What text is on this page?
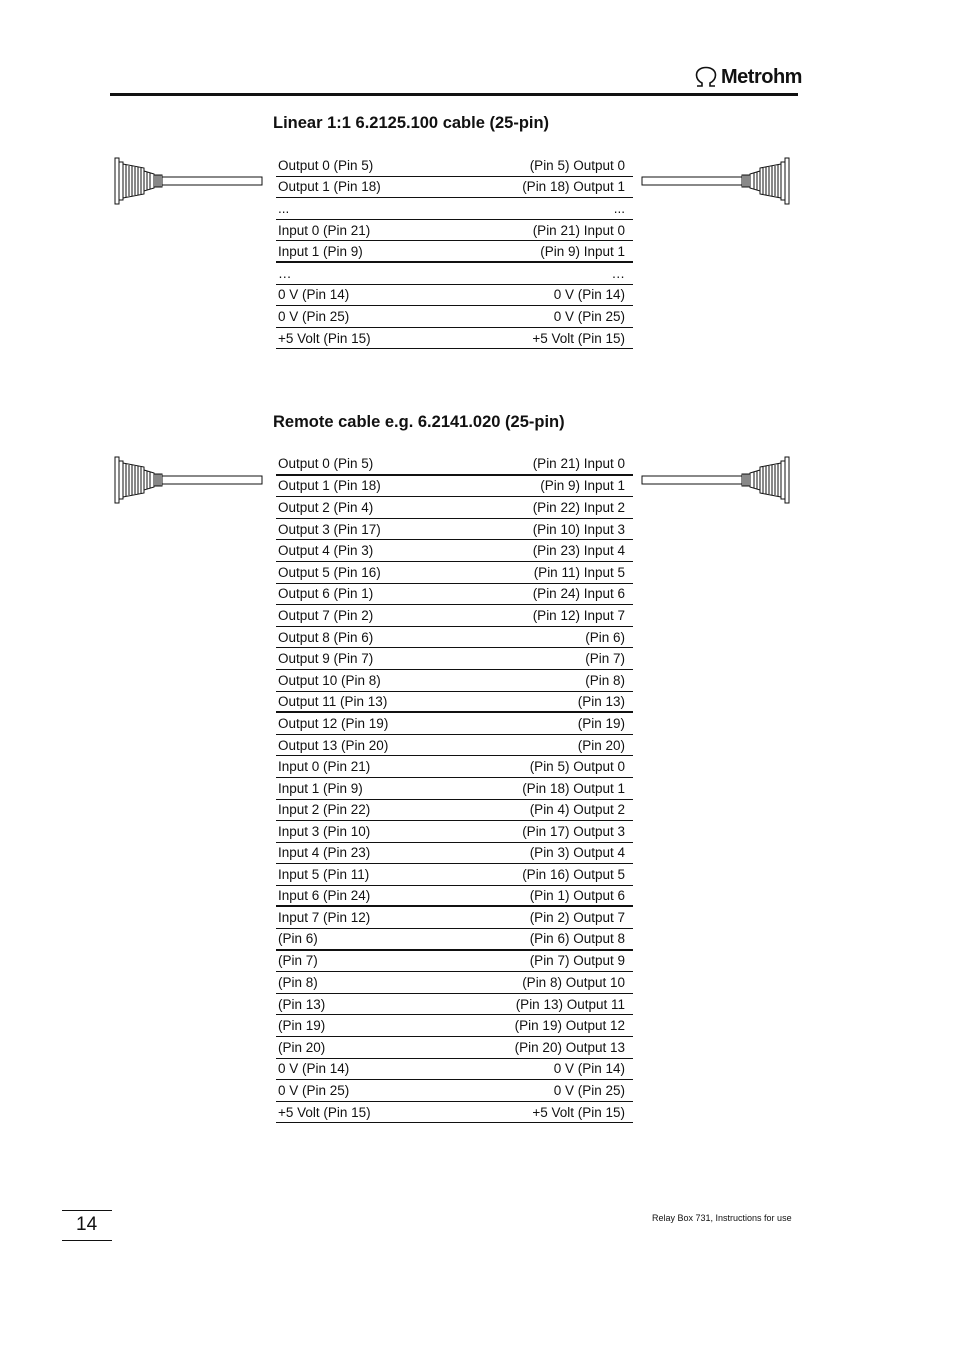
Metrohm
Linear 1:1 6.2125.100 cable (25-pin)
Output 0 (Pin 5)	(Pin 5) Output 0
Output 1 (Pin 18)	(Pin 18) Output 1
...	...
Input 0 (Pin 21)	(Pin 21) Input 0
Input 1 (Pin 9)	(Pin 9) Input 1
…	…
0 V (Pin 14)	0 V (Pin 14)
0 V (Pin 25)	0 V (Pin 25)
+5 Volt (Pin 15)	+5 Volt (Pin 15)
Remote cable e.g. 6.2141.020 (25-pin)
Output 0 (Pin 5)	(Pin 21) Input 0
Output 1 (Pin 18)	(Pin 9) Input 1
Output 2 (Pin 4)	(Pin 22) Input 2
Output 3 (Pin 17)	(Pin 10) Input 3
Output 4 (Pin 3)	(Pin 23) Input 4
Output 5 (Pin 16)	(Pin 11) Input 5
Output 6 (Pin 1)	(Pin 24) Input 6
Output 7 (Pin 2)	(Pin 12) Input 7
Output 8 (Pin 6)	(Pin 6)
Output 9 (Pin 7)	(Pin 7)
Output 10 (Pin 8)	(Pin 8)
Output 11 (Pin 13)	(Pin 13)
Output 12 (Pin 19)	(Pin 19)
Output 13 (Pin 20)	(Pin 20)
Input 0 (Pin 21)	(Pin 5) Output 0
Input 1 (Pin 9)	(Pin 18) Output 1
Input 2 (Pin 22)	(Pin 4) Output 2
Input 3 (Pin 10)	(Pin 17) Output 3
Input 4 (Pin 23)	(Pin 3) Output 4
Input 5 (Pin 11)	(Pin 16) Output 5
Input 6 (Pin 24)	(Pin 1) Output 6
Input 7 (Pin 12)	(Pin 2) Output 7
(Pin 6)	(Pin 6) Output 8
(Pin 7)	(Pin 7) Output 9
(Pin 8)	(Pin 8) Output 10
(Pin 13)	(Pin 13) Output 11
(Pin 19)	(Pin 19) Output 12
(Pin 20)	(Pin 20) Output 13
0 V (Pin 14)	0 V (Pin 14)
0 V (Pin 25)	0 V (Pin 25)
+5 Volt (Pin 15)	+5 Volt (Pin 15)
14	Relay Box 731, Instructions for use
